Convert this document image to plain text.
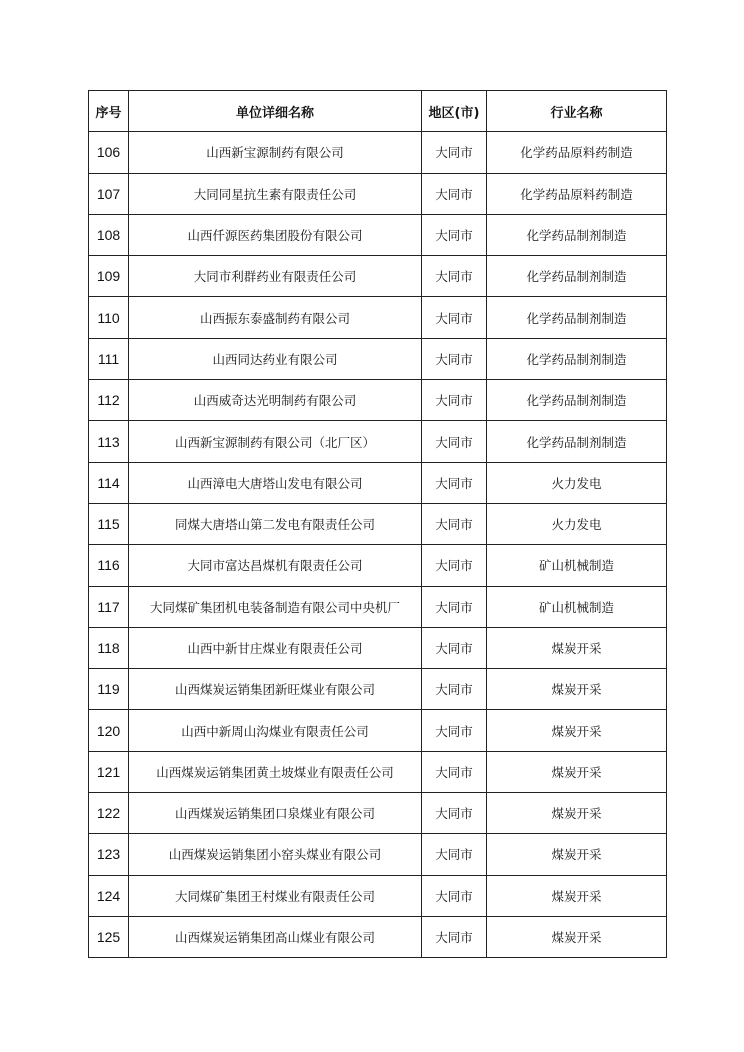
序号	单位详细名称	地区(市)	行业名称
106	山西新宝源制药有限公司	大同市	化学药品原料药制造
107	大同同星抗生素有限责任公司	大同市	化学药品原料药制造
108	山西仟源医药集团股份有限公司	大同市	化学药品制剂制造
109	大同市利群药业有限责任公司	大同市	化学药品制剂制造
110	山西振东泰盛制药有限公司	大同市	化学药品制剂制造
111	山西同达药业有限公司	大同市	化学药品制剂制造
112	山西威奇达光明制药有限公司	大同市	化学药品制剂制造
113	山西新宝源制药有限公司（北厂区）	大同市	化学药品制剂制造
114	山西漳电大唐塔山发电有限公司	大同市	火力发电
115	同煤大唐塔山第二发电有限责任公司	大同市	火力发电
116	大同市富达昌煤机有限责任公司	大同市	矿山机械制造
117	大同煤矿集团机电装备制造有限公司中央机厂	大同市	矿山机械制造
118	山西中新甘庄煤业有限责任公司	大同市	煤炭开采
119	山西煤炭运销集团新旺煤业有限公司	大同市	煤炭开采
120	山西中新周山沟煤业有限责任公司	大同市	煤炭开采
121	山西煤炭运销集团黄土坡煤业有限责任公司	大同市	煤炭开采
122	山西煤炭运销集团口泉煤业有限公司	大同市	煤炭开采
123	山西煤炭运销集团小窑头煤业有限公司	大同市	煤炭开采
124	大同煤矿集团王村煤业有限责任公司	大同市	煤炭开采
125	山西煤炭运销集团高山煤业有限公司	大同市	煤炭开采
